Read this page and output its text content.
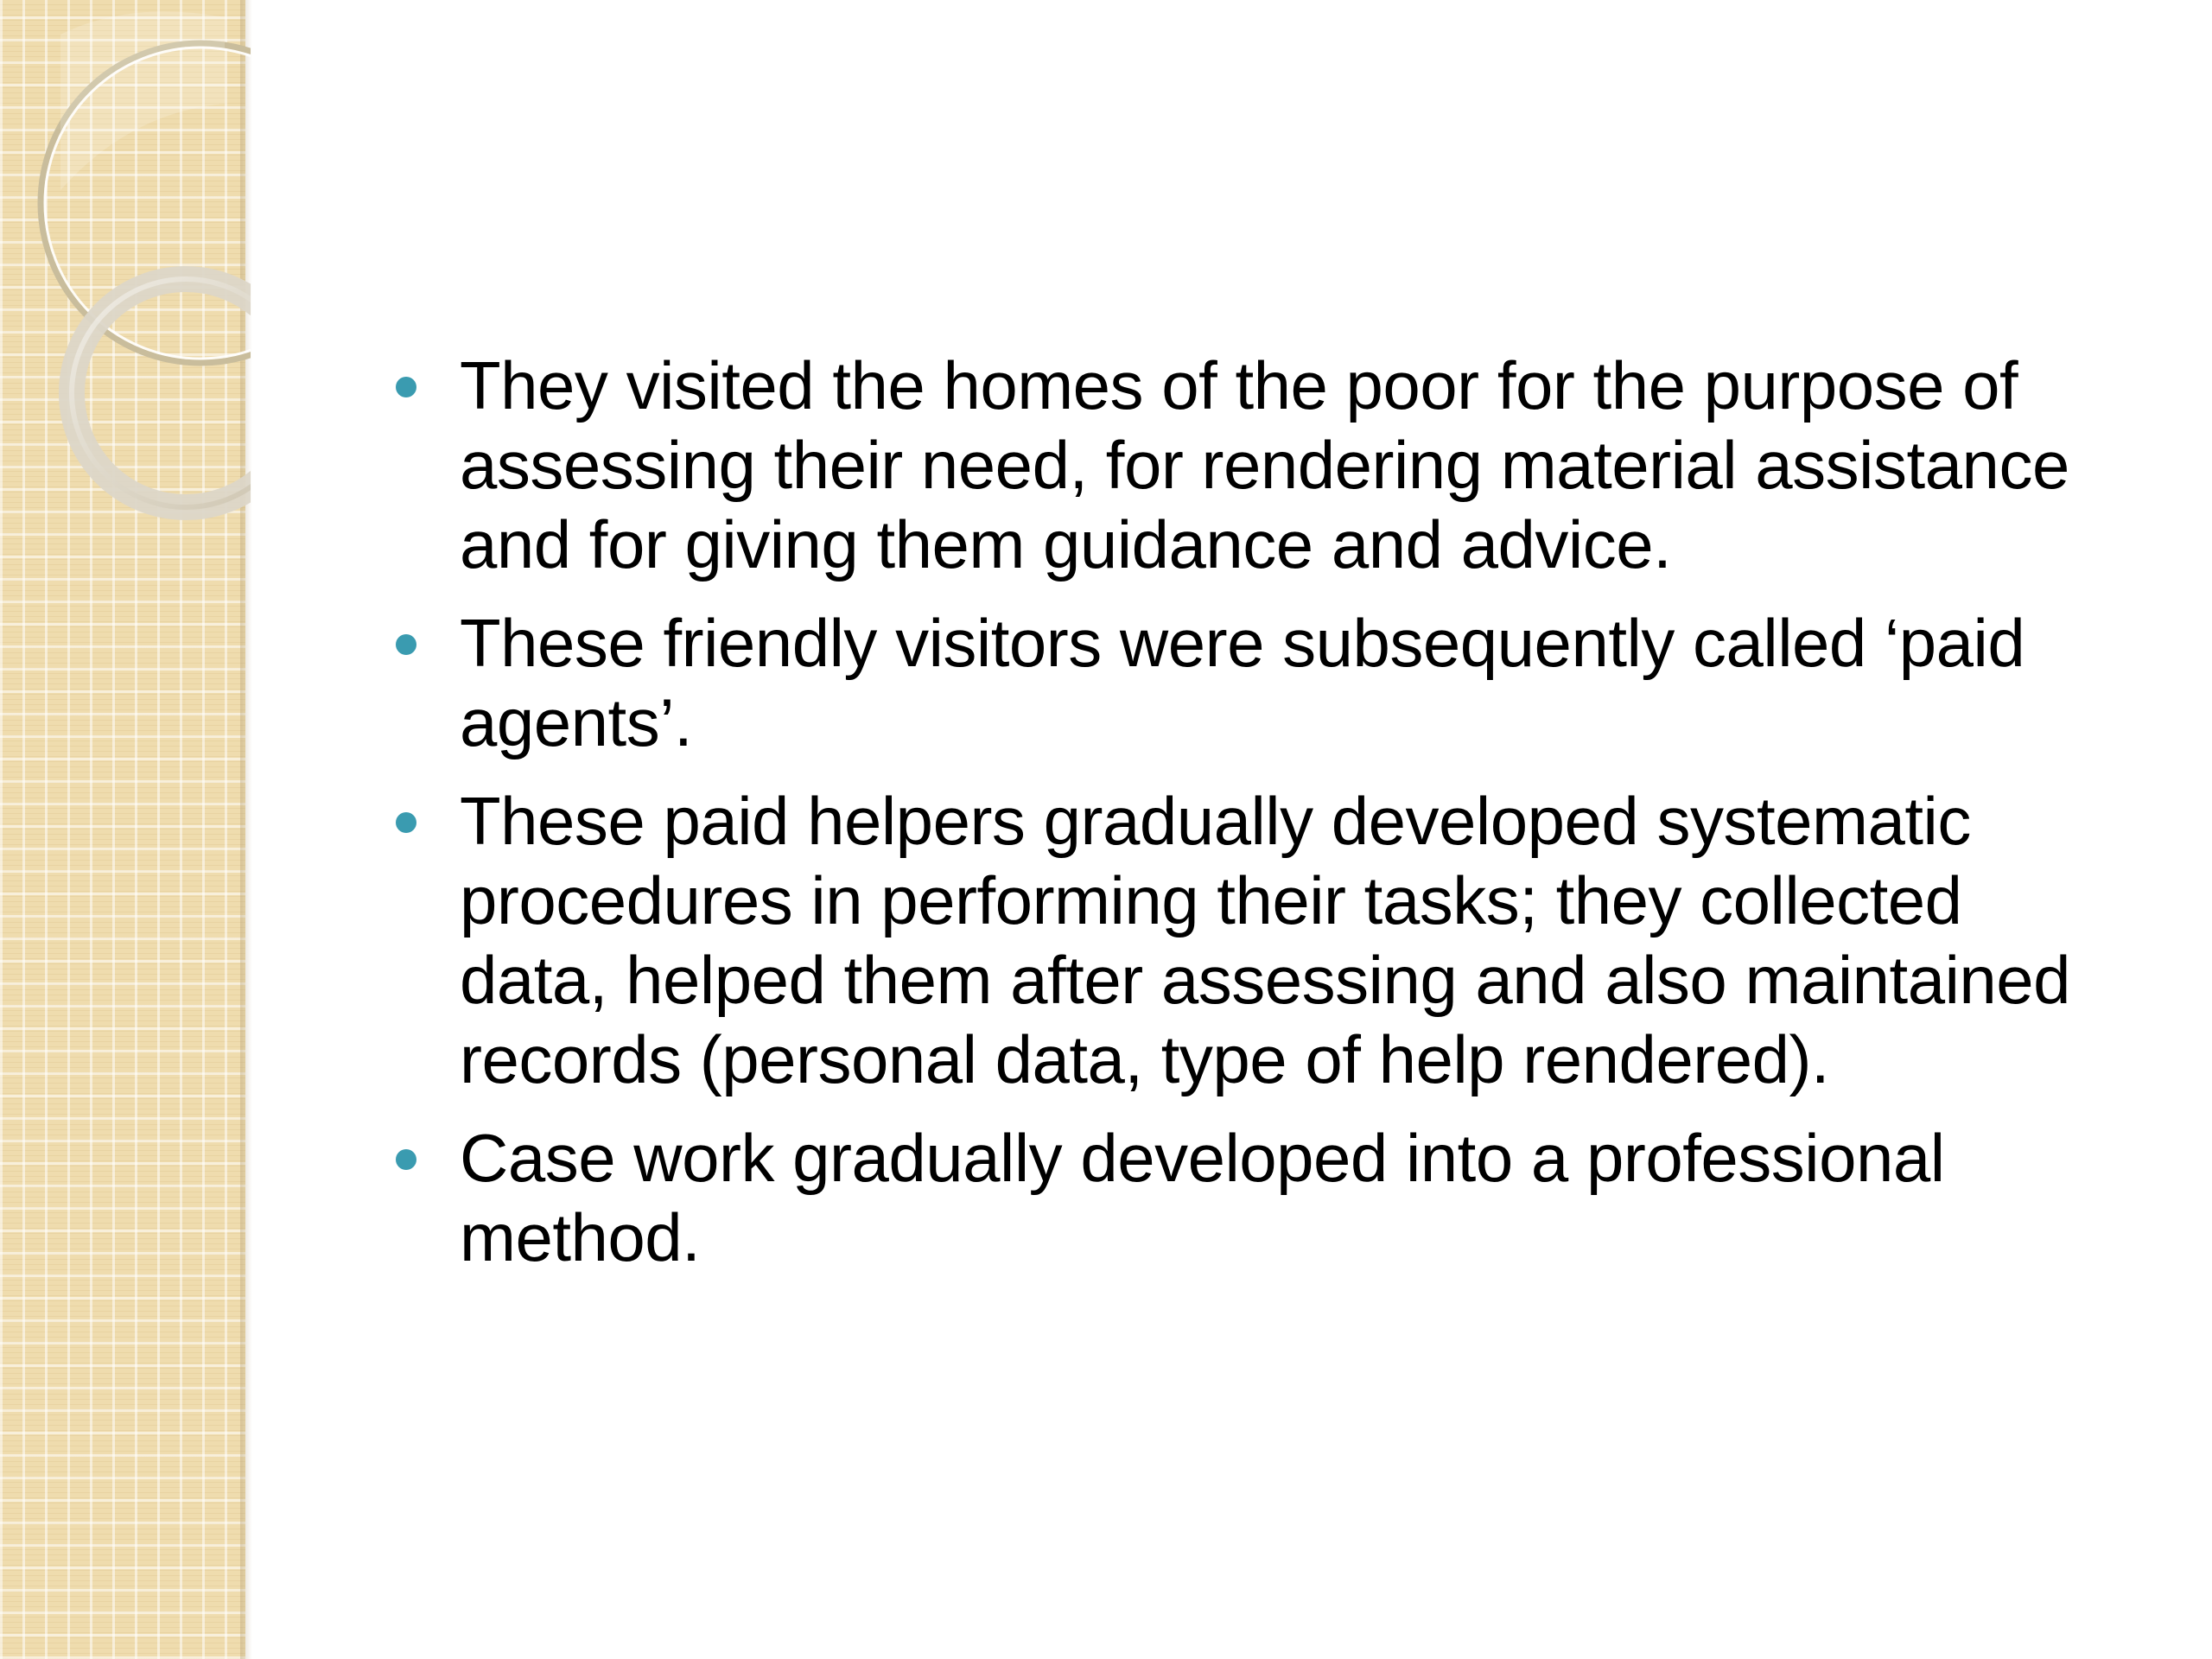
They visited the homes of the poor for the purpose of assessing their need, for rendering material assistance and for giving them guidance and advice.
These friendly visitors were subsequently called ‘paid agents’.
These paid helpers gradually developed systematic procedures in performing their tasks; they collected data, helped them after assessing and also maintained records (personal data, type of help rendered).
Case work gradually developed into a professional method.
